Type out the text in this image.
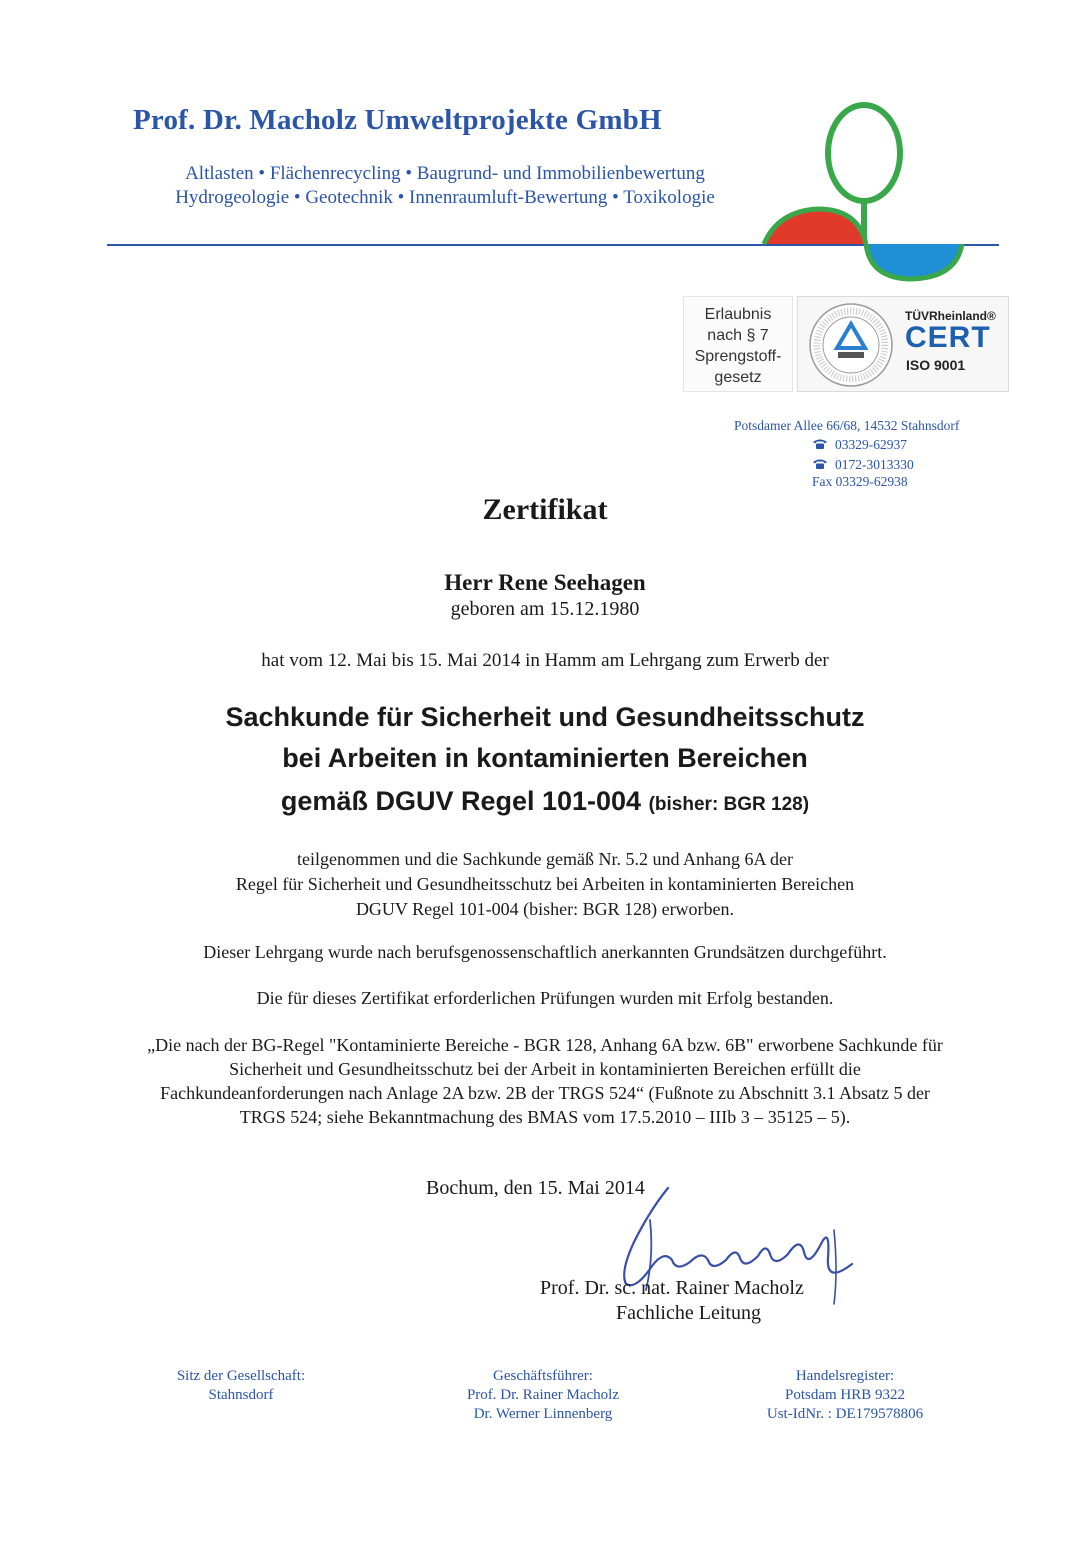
Prof. Dr. Macholz Umweltprojekte GmbH
Altlasten • Flächenrecycling • Baugrund- und Immobilienbewertung
Hydrogeologie • Geotechnik • Innenraumluft-Bewertung • Toxikologie
Erlaubnis
nach § 7
Sprengstoff-
gesetz
TÜVRheinland®
CERT
ISO 9001
Potsdamer Allee 66/68, 14532 Stahnsdorf
03329-62937
0172-3013330
Fax 03329-62938
Zertifikat
Herr Rene Seehagen
geboren am 15.12.1980
hat vom 12. Mai bis 15. Mai 2014 in Hamm am Lehrgang zum Erwerb der
Sachkunde für Sicherheit und Gesundheitsschutz
bei Arbeiten in kontaminierten Bereichen
gemäß DGUV Regel 101-004 (bisher: BGR 128)
teilgenommen und die Sachkunde gemäß Nr. 5.2 und Anhang 6A der
Regel für Sicherheit und Gesundheitsschutz bei Arbeiten in kontaminierten Bereichen
DGUV Regel 101-004 (bisher: BGR 128) erworben.
Dieser Lehrgang wurde nach berufsgenossenschaftlich anerkannten Grundsätzen durchgeführt.
Die für dieses Zertifikat erforderlichen Prüfungen wurden mit Erfolg bestanden.
„Die nach der BG-Regel "Kontaminierte Bereiche - BGR 128, Anhang 6A bzw. 6B" erworbene Sachkunde für
Sicherheit und Gesundheitsschutz bei der Arbeit in kontaminierten Bereichen erfüllt die
Fachkundeanforderungen nach Anlage 2A bzw. 2B der TRGS 524“ (Fußnote zu Abschnitt 3.1 Absatz 5 der
TRGS 524; siehe Bekanntmachung des BMAS vom 17.5.2010 – IIIb 3 – 35125 – 5).
Bochum, den 15. Mai 2014
Prof. Dr. sc. nat. Rainer Macholz
Fachliche Leitung
Sitz der Gesellschaft:
Stahnsdorf
Geschäftsführer:
Prof. Dr. Rainer Macholz
Dr. Werner Linnenberg
Handelsregister:
Potsdam HRB 9322
Ust-IdNr. : DE179578806
